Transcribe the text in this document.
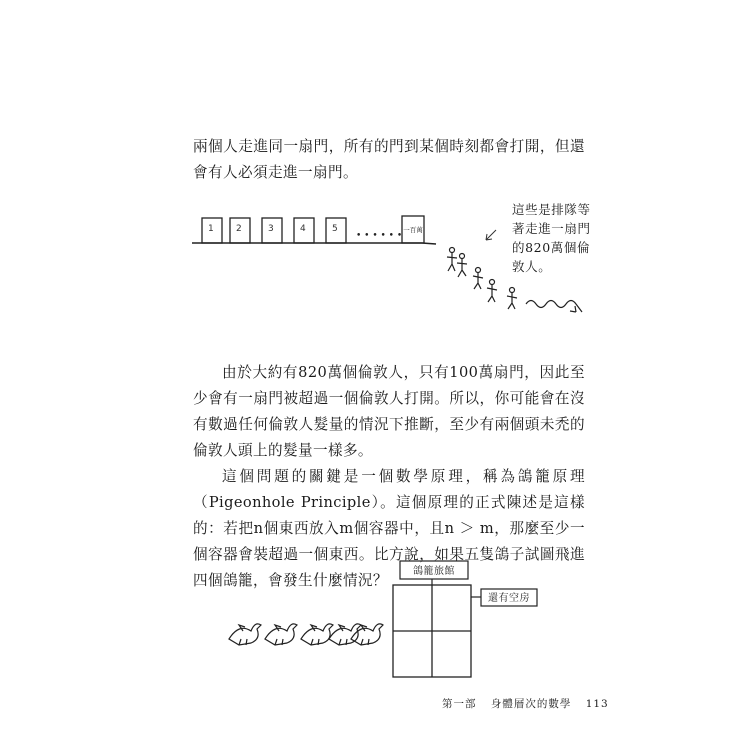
兩個人走進同一扇門，所有的門到某個時刻都會打開，但還會有人必須走進一扇門。

1 2	3	4	5
• • • • • •
一百萬

這些是排隊等
著走進一扇門
的820萬個倫
敦人。

由於大約有820萬個倫敦人，只有100萬扇門，因此至少會有一扇門被超過一個倫敦人打開。所以，你可能會在沒有數過任何倫敦人髮量的情況下推斷，至少有兩個頭未禿的倫敦人頭上的髮量一樣多。

這個問題的關鍵是一個數學原理，稱為鴿籠原理（Pigeonhole Principle）。這個原理的正式陳述是這樣的：若把n個東西放入m個容器中，且n ＞ m，那麼至少一個容器會裝超過一個東西。比方說，如果五隻鴿子試圖飛進四個鴿籠，會發生什麼情況？

鴿籠旅館
還有空房
第一部 身體層次的數學 113
